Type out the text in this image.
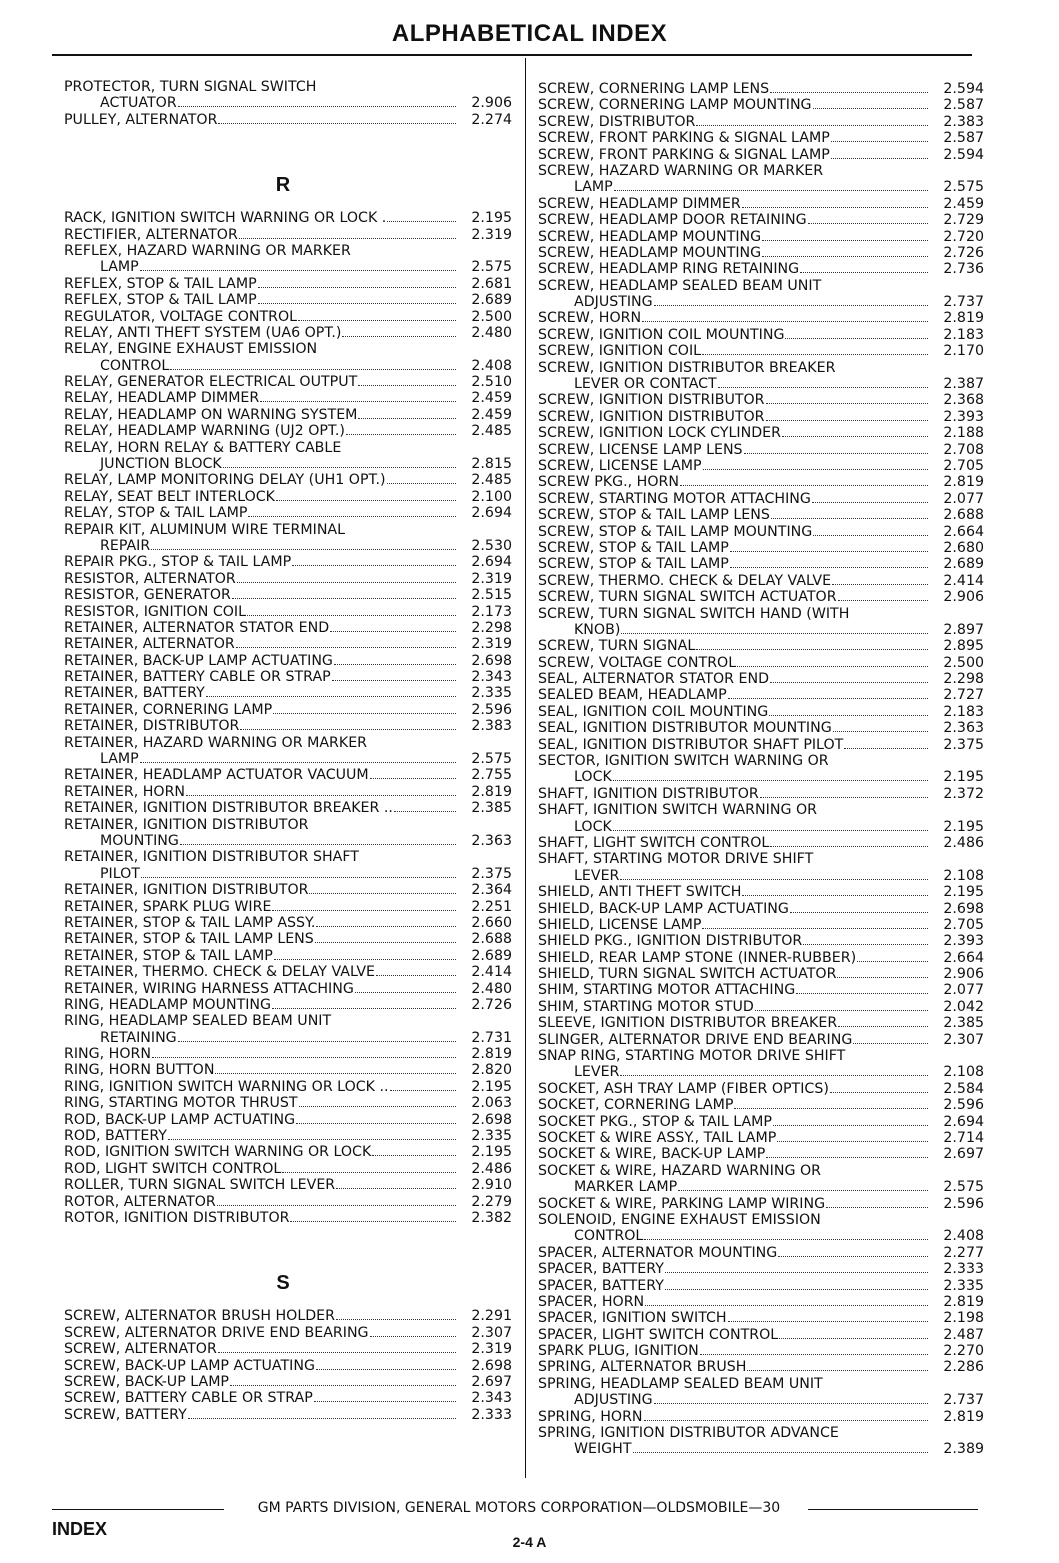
ALPHABETICAL INDEX
PROTECTOR, TURN SIGNAL SWITCH
ACTUATOR	2.906
PULLEY, ALTERNATOR	2.274
R
RACK, IGNITION SWITCH WARNING OR LOCK .	2.195
RECTIFIER, ALTERNATOR	2.319
REFLEX, HAZARD WARNING OR MARKER
LAMP	2.575
REFLEX, STOP & TAIL LAMP	2.681
REFLEX, STOP & TAIL LAMP	2.689
REGULATOR, VOLTAGE CONTROL	2.500
RELAY, ANTI THEFT SYSTEM (UA6 OPT.)	2.480
RELAY, ENGINE EXHAUST EMISSION
CONTROL	2.408
RELAY, GENERATOR ELECTRICAL OUTPUT	2.510
RELAY, HEADLAMP DIMMER	2.459
RELAY, HEADLAMP ON WARNING SYSTEM	2.459
RELAY, HEADLAMP WARNING (UJ2 OPT.)	2.485
RELAY, HORN RELAY & BATTERY CABLE
JUNCTION BLOCK	2.815
RELAY, LAMP MONITORING DELAY (UH1 OPT.)	2.485
RELAY, SEAT BELT INTERLOCK	2.100
RELAY, STOP & TAIL LAMP	2.694
REPAIR KIT, ALUMINUM WIRE TERMINAL
REPAIR	2.530
REPAIR PKG., STOP & TAIL LAMP	2.694
RESISTOR, ALTERNATOR	2.319
RESISTOR, GENERATOR	2.515
RESISTOR, IGNITION COIL	2.173
RETAINER, ALTERNATOR STATOR END	2.298
RETAINER, ALTERNATOR	2.319
RETAINER, BACK-UP LAMP ACTUATING	2.698
RETAINER, BATTERY CABLE OR STRAP	2.343
RETAINER, BATTERY	2.335
RETAINER, CORNERING LAMP	2.596
RETAINER, DISTRIBUTOR	2.383
RETAINER, HAZARD WARNING OR MARKER
LAMP	2.575
RETAINER, HEADLAMP ACTUATOR VACUUM	2.755
RETAINER, HORN	2.819
RETAINER, IGNITION DISTRIBUTOR BREAKER ..	2.385
RETAINER, IGNITION DISTRIBUTOR
MOUNTING	2.363
RETAINER, IGNITION DISTRIBUTOR SHAFT
PILOT	2.375
RETAINER, IGNITION DISTRIBUTOR	2.364
RETAINER, SPARK PLUG WIRE	2.251
RETAINER, STOP & TAIL LAMP ASSY.	2.660
RETAINER, STOP & TAIL LAMP LENS	2.688
RETAINER, STOP & TAIL LAMP	2.689
RETAINER, THERMO. CHECK & DELAY VALVE	2.414
RETAINER, WIRING HARNESS ATTACHING	2.480
RING, HEADLAMP MOUNTING	2.726
RING, HEADLAMP SEALED BEAM UNIT
RETAINING	2.731
RING, HORN	2.819
RING, HORN BUTTON	2.820
RING, IGNITION SWITCH WARNING OR LOCK ..	2.195
RING, STARTING MOTOR THRUST	2.063
ROD, BACK-UP LAMP ACTUATING	2.698
ROD, BATTERY	2.335
ROD, IGNITION SWITCH WARNING OR LOCK	2.195
ROD, LIGHT SWITCH CONTROL	2.486
ROLLER, TURN SIGNAL SWITCH LEVER	2.910
ROTOR, ALTERNATOR	2.279
ROTOR, IGNITION DISTRIBUTOR	2.382
S
SCREW, ALTERNATOR BRUSH HOLDER	2.291
SCREW, ALTERNATOR DRIVE END BEARING	2.307
SCREW, ALTERNATOR	2.319
SCREW, BACK-UP LAMP ACTUATING	2.698
SCREW, BACK-UP LAMP	2.697
SCREW, BATTERY CABLE OR STRAP	2.343
SCREW, BATTERY	2.333
SCREW, CORNERING LAMP LENS	2.594
SCREW, CORNERING LAMP MOUNTING	2.587
SCREW, DISTRIBUTOR	2.383
SCREW, FRONT PARKING & SIGNAL LAMP	2.587
SCREW, FRONT PARKING & SIGNAL LAMP	2.594
SCREW, HAZARD WARNING OR MARKER
LAMP	2.575
SCREW, HEADLAMP DIMMER	2.459
SCREW, HEADLAMP DOOR RETAINING	2.729
SCREW, HEADLAMP MOUNTING	2.720
SCREW, HEADLAMP MOUNTING	2.726
SCREW, HEADLAMP RING RETAINING	2.736
SCREW, HEADLAMP SEALED BEAM UNIT
ADJUSTING	2.737
SCREW, HORN	2.819
SCREW, IGNITION COIL MOUNTING	2.183
SCREW, IGNITION COIL	2.170
SCREW, IGNITION DISTRIBUTOR BREAKER
LEVER OR CONTACT	2.387
SCREW, IGNITION DISTRIBUTOR	2.368
SCREW, IGNITION DISTRIBUTOR	2.393
SCREW, IGNITION LOCK CYLINDER	2.188
SCREW, LICENSE LAMP LENS	2.708
SCREW, LICENSE LAMP	2.705
SCREW PKG., HORN	2.819
SCREW, STARTING MOTOR ATTACHING	2.077
SCREW, STOP & TAIL LAMP LENS	2.688
SCREW, STOP & TAIL LAMP MOUNTING	2.664
SCREW, STOP & TAIL LAMP	2.680
SCREW, STOP & TAIL LAMP	2.689
SCREW, THERMO. CHECK & DELAY VALVE	2.414
SCREW, TURN SIGNAL SWITCH ACTUATOR	2.906
SCREW, TURN SIGNAL SWITCH HAND (WITH
KNOB)	2.897
SCREW, TURN SIGNAL	2.895
SCREW, VOLTAGE CONTROL	2.500
SEAL, ALTERNATOR STATOR END	2.298
SEALED BEAM, HEADLAMP	2.727
SEAL, IGNITION COIL MOUNTING	2.183
SEAL, IGNITION DISTRIBUTOR MOUNTING	2.363
SEAL, IGNITION DISTRIBUTOR SHAFT PILOT	2.375
SECTOR, IGNITION SWITCH WARNING OR
LOCK	2.195
SHAFT, IGNITION DISTRIBUTOR	2.372
SHAFT, IGNITION SWITCH WARNING OR
LOCK	2.195
SHAFT, LIGHT SWITCH CONTROL	2.486
SHAFT, STARTING MOTOR DRIVE SHIFT
LEVER	2.108
SHIELD, ANTI THEFT SWITCH	2.195
SHIELD, BACK-UP LAMP ACTUATING	2.698
SHIELD, LICENSE LAMP	2.705
SHIELD PKG., IGNITION DISTRIBUTOR	2.393
SHIELD, REAR LAMP STONE (INNER-RUBBER)	2.664
SHIELD, TURN SIGNAL SWITCH ACTUATOR	2.906
SHIM, STARTING MOTOR ATTACHING	2.077
SHIM, STARTING MOTOR STUD	2.042
SLEEVE, IGNITION DISTRIBUTOR BREAKER	2.385
SLINGER, ALTERNATOR DRIVE END BEARING	2.307
SNAP RING, STARTING MOTOR DRIVE SHIFT
LEVER	2.108
SOCKET, ASH TRAY LAMP (FIBER OPTICS)	2.584
SOCKET, CORNERING LAMP	2.596
SOCKET PKG., STOP & TAIL LAMP	2.694
SOCKET & WIRE ASSY., TAIL LAMP	2.714
SOCKET & WIRE, BACK-UP LAMP	2.697
SOCKET & WIRE, HAZARD WARNING OR
MARKER LAMP	2.575
SOCKET & WIRE, PARKING LAMP WIRING	2.596
SOLENOID, ENGINE EXHAUST EMISSION
CONTROL	2.408
SPACER, ALTERNATOR MOUNTING	2.277
SPACER, BATTERY	2.333
SPACER, BATTERY	2.335
SPACER, HORN	2.819
SPACER, IGNITION SWITCH	2.198
SPACER, LIGHT SWITCH CONTROL	2.487
SPARK PLUG, IGNITION	2.270
SPRING, ALTERNATOR BRUSH	2.286
SPRING, HEADLAMP SEALED BEAM UNIT
ADJUSTING	2.737
SPRING, HORN	2.819
SPRING, IGNITION DISTRIBUTOR ADVANCE
WEIGHT	2.389
GM PARTS DIVISION, GENERAL MOTORS CORPORATION—OLDSMOBILE—30
INDEX
2-4 A
